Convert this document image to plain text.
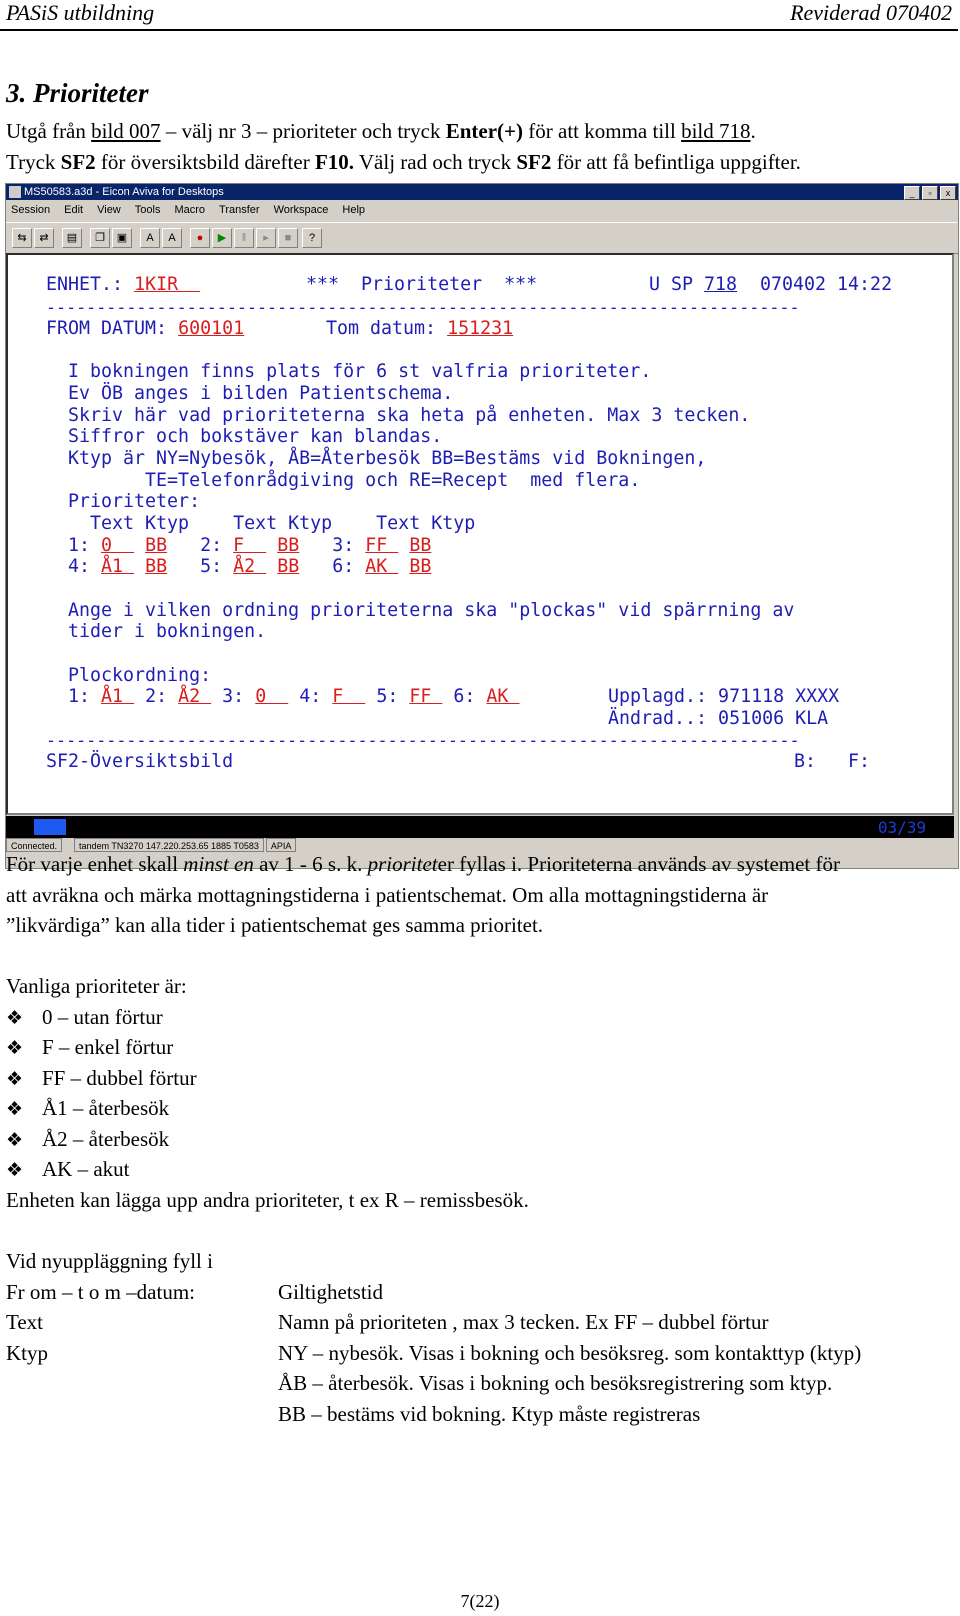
PASiS utbildning	Reviderad 070402
3. Prioriteter
Utgå från bild 007 – välj nr 3 – prioriteter och tryck Enter(+) för att komma till bild 718.
Tryck SF2 för översiktsbild därefter F10. Välj rad och tryck SF2 för att få befintliga uppgifter.
MS50583.a3d - Eicon Aviva for Desktops	_	▫	x
Session Edit View Tools Macro Transfer Workspace Help
⇆	⇄	▤	❐	▣	A	A	●	▶	‖	▸	■	?
ENHET.: 1KIR	***  Prioriteter  ***	U SP 718 070402 14:22
---------------------------------------------------------------------------
FROM DATUM: 600101	Tom datum: 151231
I bokningen finns plats för 6 st valfria prioriteter.
Ev ÖB anges i bilden Patientschema.
Skriv här vad prioriteterna ska heta på enheten. Max 3 tecken.
Siffror och bokstäver kan blandas.
Ktyp är NY=Nybesök, ÅB=Återbesök BB=Bestäms vid Bokningen,
TE=Telefonrådgiving och RE=Recept  med flera.
Prioriteter:
Text Ktyp    Text Ktyp    Text Ktyp
1: 0   BB 2: F   BB 3: FF  BB
4: Å1  BB 5: Å2  BB 6: AK  BB
Ange i vilken ordning prioriteterna ska "plockas" vid spärrning av
tider i bokningen.
Plockordning:
1: Å1  2: Å2  3: 0   4: F   5: FF  6: AK	Upplagd.: 971118 XXXX
Ändrad..: 051006 KLA
---------------------------------------------------------------------------
SF2-Översiktsbild	B: F:
03/39
Connected.	tandem TN3270 147.220.253.65 1885 T0583	APIA
För varje enhet skall minst en av 1 - 6 s. k. prioriteter fyllas i. Prioriteterna används av systemet för
att avräkna och märka mottagningstiderna i patientschemat. Om alla mottagningstiderna är
”likvärdiga” kan alla tider i patientschemat ges samma prioritet.
Vanliga prioriteter är:
❖ 0 – utan förtur
❖ F – enkel förtur
❖ FF – dubbel förtur
❖ Å1 – återbesök
❖ Å2 – återbesök
❖ AK – akut
Enheten kan lägga upp andra prioriteter, t ex R – remissbesök.
Vid nyuppläggning fyll i
Fr om – t o m –datum:	Giltighetstid
Text	Namn på prioriteten , max 3 tecken. Ex FF – dubbel förtur
Ktyp	NY – nybesök. Visas i bokning och besöksreg. som kontakttyp (ktyp)
ÅB – återbesök. Visas i bokning och besöksregistrering som ktyp.
BB – bestäms vid bokning. Ktyp måste registreras
7(22)
